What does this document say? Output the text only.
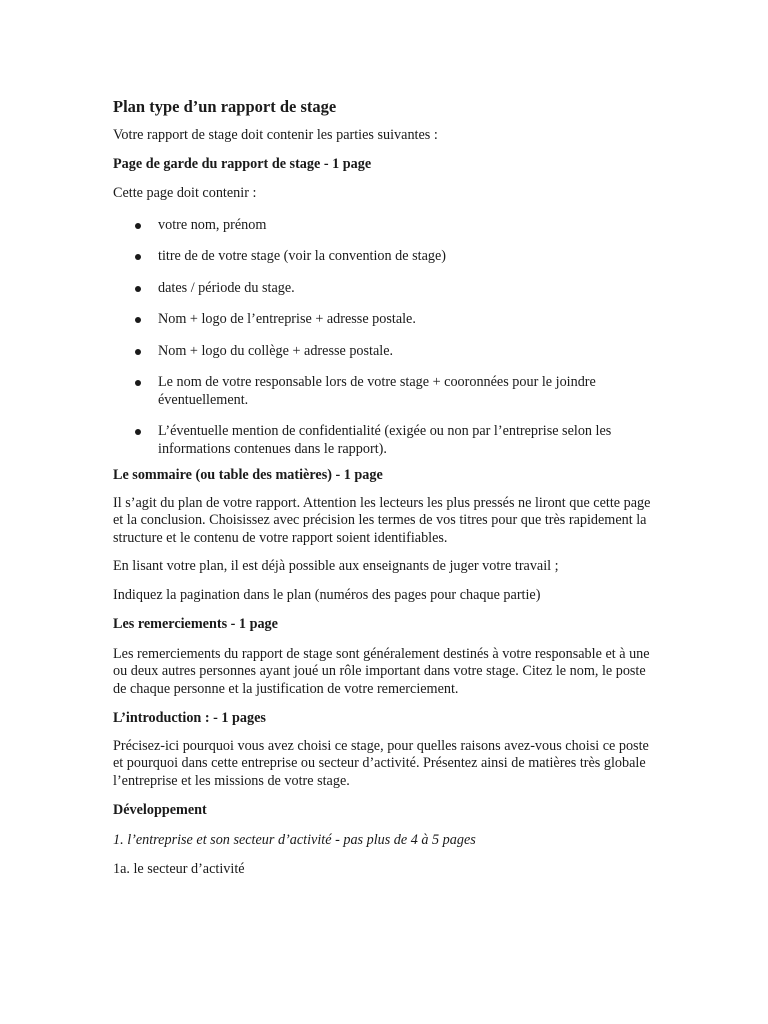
Plan type d’un rapport de stage
Votre rapport de stage doit contenir les parties suivantes :
Page de garde du rapport de stage - 1 page
Cette page doit contenir :
votre nom, prénom
titre de de votre stage (voir la convention de stage)
dates / période du stage.
Nom + logo de l’entreprise + adresse postale.
Nom + logo du collège + adresse postale.
Le nom de votre responsable lors de votre stage + cooronnées pour le joindre éventuellement.
L’éventuelle mention de confidentialité (exigée ou non par l’entreprise selon les informations contenues dans le rapport).
Le sommaire (ou table des matières) - 1 page
Il s’agit du plan de votre rapport. Attention les lecteurs les plus pressés ne liront que cette page et la conclusion. Choisissez avec précision les termes de vos titres pour que très rapidement la structure et le contenu de votre rapport soient identifiables.
En lisant votre plan, il est déjà possible aux enseignants de juger votre travail ;
Indiquez la pagination dans le plan (numéros des pages pour chaque partie)
Les remerciements - 1 page
Les remerciements du rapport de stage sont généralement destinés à votre responsable et à une ou deux autres personnes ayant joué un rôle important dans votre stage. Citez le nom, le poste de chaque personne et la justification de votre remerciement.
L’introduction : - 1 pages
Précisez-ici pourquoi vous avez choisi ce stage, pour quelles raisons avez-vous choisi ce poste et pourquoi dans cette entreprise ou secteur d’activité. Présentez ainsi de matières très globale l’entreprise et les missions de votre stage.
Développement
1. l’entreprise et son secteur d’activité - pas plus de 4 à 5 pages
1a. le secteur d’activité
